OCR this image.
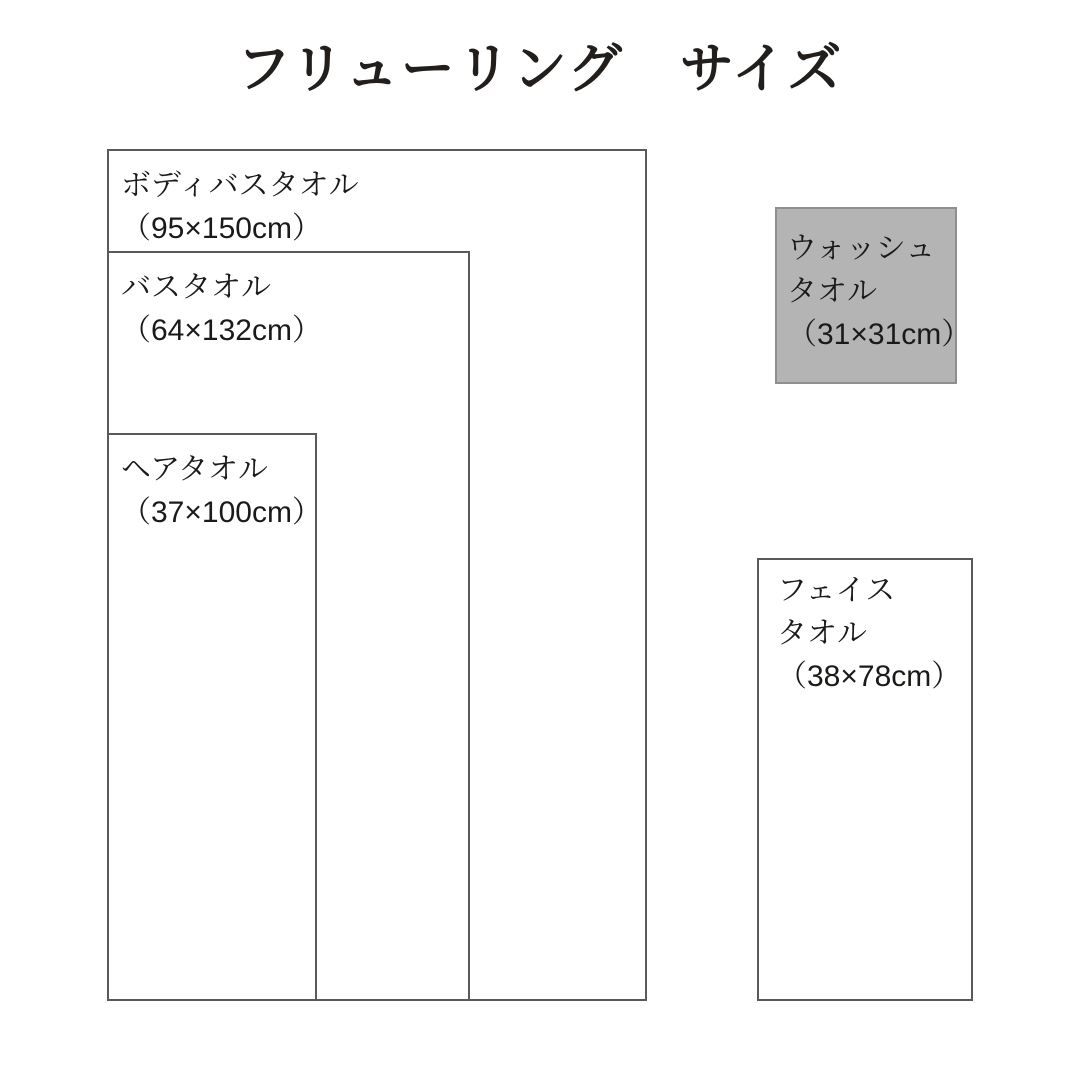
フリューリング　サイズ
ボディバスタオル
（95×150cm）
バスタオル
（64×132cm）
ヘアタオル
（37×100cm）
ウォッシュ
タオル
（31×31cm）
フェイス
タオル
（38×78cm）
